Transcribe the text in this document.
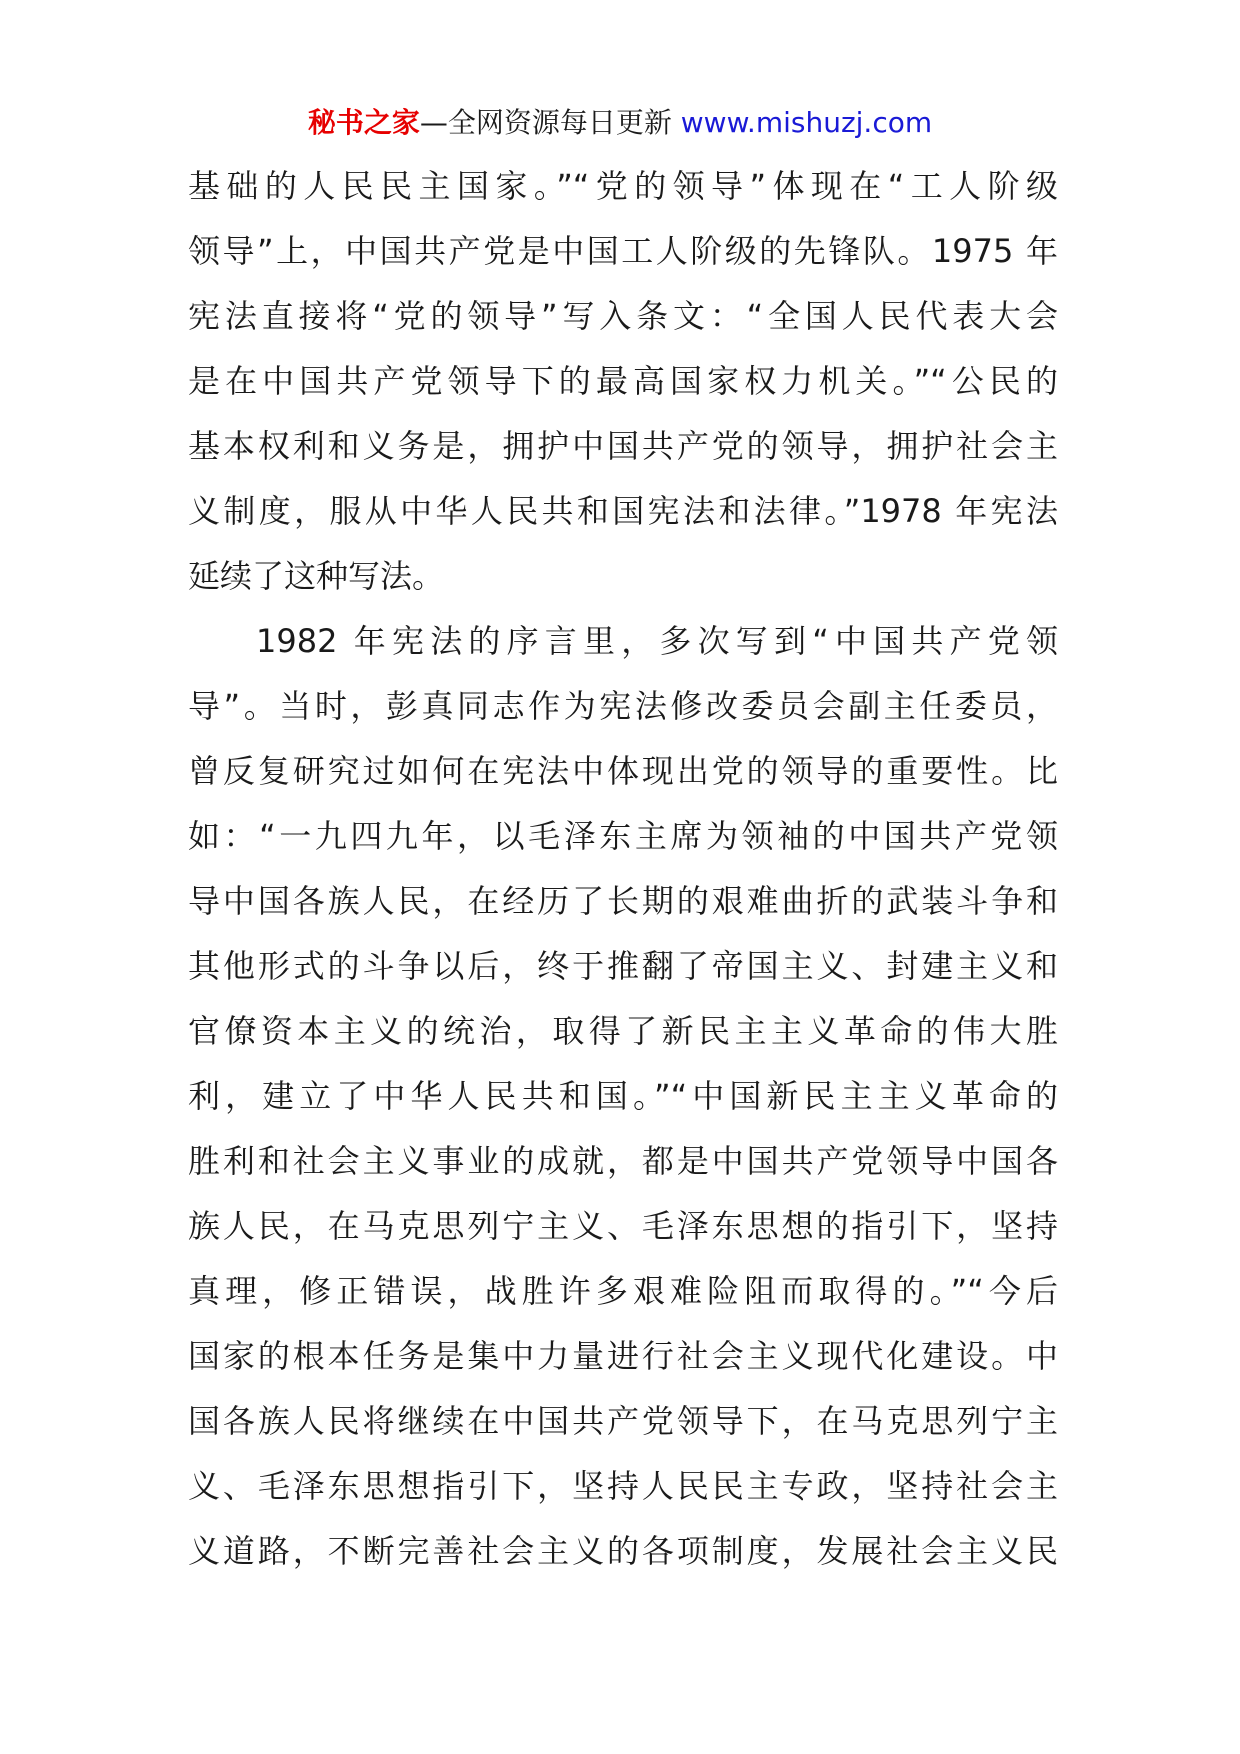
秘书之家—全网资源每日更新 www.mishuzj.com
基础的人民民主国家。”“党的领导”体现在“工人阶级
领导”上，中国共产党是中国工人阶级的先锋队。1975 年
宪法直接将“党的领导”写入条文：“全国人民代表大会
是在中国共产党领导下的最高国家权力机关。”“公民的
基本权利和义务是，拥护中国共产党的领导，拥护社会主
义制度，服从中华人民共和国宪法和法律。”1978 年宪法
延续了这种写法。
1982 年宪法的序言里，多次写到“中国共产党领
导”。当时，彭真同志作为宪法修改委员会副主任委员，
曾反复研究过如何在宪法中体现出党的领导的重要性。比
如：“一九四九年，以毛泽东主席为领袖的中国共产党领
导中国各族人民，在经历了长期的艰难曲折的武装斗争和
其他形式的斗争以后，终于推翻了帝国主义、封建主义和
官僚资本主义的统治，取得了新民主主义革命的伟大胜
利，建立了中华人民共和国。”“中国新民主主义革命的
胜利和社会主义事业的成就，都是中国共产党领导中国各
族人民，在马克思列宁主义、毛泽东思想的指引下，坚持
真理，修正错误，战胜许多艰难险阻而取得的。”“今后
国家的根本任务是集中力量进行社会主义现代化建设。中
国各族人民将继续在中国共产党领导下，在马克思列宁主
义、毛泽东思想指引下，坚持人民民主专政，坚持社会主
义道路，不断完善社会主义的各项制度，发展社会主义民
